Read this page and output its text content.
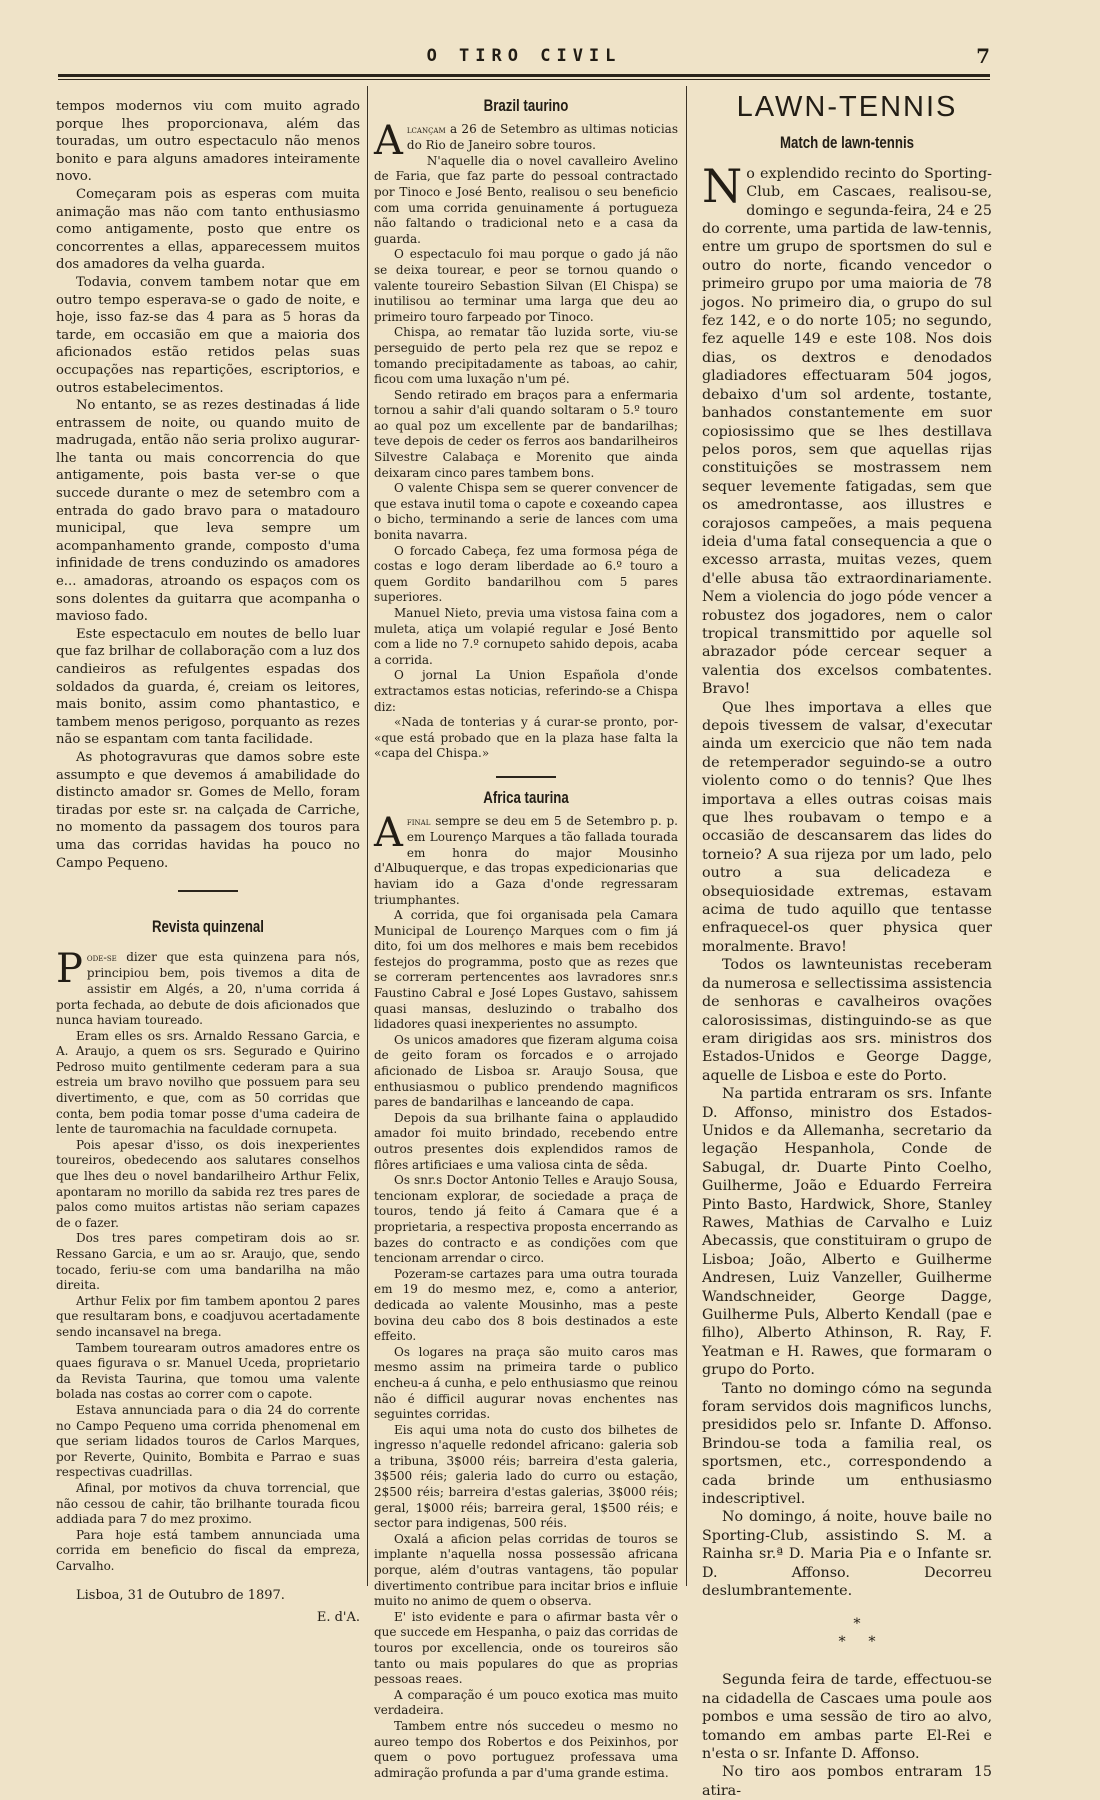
O TIRO CIVIL	7

tempos modernos viu com muito agrado porque lhes proporcionava, além das touradas, um outro espectaculo não menos bonito e para alguns amadores inteiramente novo.

Começaram pois as esperas com muita animação mas não com tanto enthusiasmo como antigamente, posto que entre os concorrentes a ellas, apparecessem muitos dos amadores da velha guarda.

Todavia, convem tambem notar que em outro tempo esperava-se o gado de noite, e hoje, isso faz-se das 4 para as 5 horas da tarde, em occasião em que a maioria dos aficionados estão retidos pelas suas occupações nas repartições, escriptorios, e outros estabelecimentos.

No entanto, se as rezes destinadas á lide entrassem de noite, ou quando muito de madrugada, então não seria prolixo augurar-lhe tanta ou mais concorrencia do que antigamente, pois basta ver-se o que succede durante o mez de setembro com a entrada do gado bravo para o matadouro municipal, que leva sempre um acompanhamento grande, composto d'uma infinidade de trens conduzindo os amadores e... amadoras, atroando os espaços com os sons dolentes da guitarra que acompanha o mavioso fado.

Este espectaculo em noutes de bello luar que faz brilhar de collaboração com a luz dos candieiros as refulgentes espadas dos soldados da guarda, é, creiam os leitores, mais bonito, assim como phantastico, e tambem menos perigoso, porquanto as rezes não se espantam com tanta facilidade.

As photogravuras que damos sobre este assumpto e que devemos á amabilidade do distincto amador sr. Gomes de Mello, foram tiradas por este sr. na calçada de Carriche, no momento da passagem dos touros para uma das corridas havidas ha pouco no Campo Pequeno.

Revista quinzenal

Pode-se dizer que esta quinzena para nós, principiou bem, pois tivemos a dita de assistir em Algés, a 20, n'uma corrida á porta fechada, ao debute de dois aficionados que nunca haviam toureado.

Eram elles os srs. Arnaldo Ressano Garcia, e A. Araujo, a quem os srs. Segurado e Quirino Pedroso muito gentilmente cederam para a sua estreia um bravo novilho que possuem para seu divertimento, e que, com as 50 corridas que conta, bem podia tomar posse d'uma cadeira de lente de tauromachia na faculdade cornupeta.

Pois apesar d'isso, os dois inexperientes toureiros, obedecendo aos salutares conselhos que lhes deu o novel bandarilheiro Arthur Felix, apontaram no morillo da sabida rez tres pares de palos como muitos artistas não seriam capazes de o fazer.

Dos tres pares competiram dois ao sr. Ressano Garcia, e um ao sr. Araujo, que, sendo tocado, feriu-se com uma bandarilha na mão direita.

Arthur Felix por fim tambem apontou 2 pares que resultaram bons, e coadjuvou acertadamente sendo incansavel na brega.

Tambem tourearam outros amadores entre os quaes figurava o sr. Manuel Uceda, proprietario da Revista Taurina, que tomou uma valente bolada nas costas ao correr com o capote.

Estava annunciada para o dia 24 do corrente no Campo Pequeno uma corrida phenomenal em que seriam lidados touros de Carlos Marques, por Reverte, Quinito, Bombita e Parrao e suas respectivas cuadrillas.

Afinal, por motivos da chuva torrencial, que não cessou de cahir, tão brilhante tourada ficou addiada para 7 do mez proximo.

Para hoje está tambem annunciada uma corrida em beneficio do fiscal da empreza, Carvalho.

Lisboa, 31 de Outubro de 1897.

E. d'A.

Brazil taurino

Alcançam a 26 de Setembro as ultimas noticias do Rio de Janeiro sobre touros.

N'aquelle dia o novel cavalleiro Avelino de Faria, que faz parte do pessoal contractado por Tinoco e José Bento, realisou o seu beneficio com uma corrida genuinamente á portugueza não faltando o tradicional neto e a casa da guarda.

O espectaculo foi mau porque o gado já não se deixa tourear, e peor se tornou quando o valente toureiro Sebastion Silvan (El Chispa) se inutilisou ao terminar uma larga que deu ao primeiro touro farpeado por Tinoco.

Chispa, ao rematar tão luzida sorte, viu-se perseguido de perto pela rez que se repoz e tomando precipitadamente as taboas, ao cahir, ficou com uma luxação n'um pé.

Sendo retirado em braços para a enfermaria tornou a sahir d'ali quando soltaram o 5.º touro ao qual poz um excellente par de bandarilhas; teve depois de ceder os ferros aos bandarilheiros Silvestre Calabaça e Morenito que ainda deixaram cinco pares tambem bons.

O valente Chispa sem se querer convencer de que estava inutil toma o capote e coxeando capea o bicho, terminando a serie de lances com uma bonita navarra.

O forcado Cabeça, fez uma formosa péga de costas e logo deram liberdade ao 6.º touro a quem Gordito bandarilhou com 5 pares superiores.

Manuel Nieto, previa uma vistosa faina com a muleta, atiça um volapié regular e José Bento com a lide no 7.º cornupeto sahido depois, acaba a corrida.

O jornal La Union Española d'onde extractamos estas noticias, referindo-se a Chispa diz:

«Nada de tonterias y á curar-se pronto, por- «que está probado que en la plaza hase falta la «capa del Chispa.»

Africa taurina

Afinal sempre se deu em 5 de Setembro p. p. em Lourenço Marques a tão fallada tourada em honra do major Mousinho d'Albuquerque, e das tropas expedicionarias que haviam ido a Gaza d'onde regressaram triumphantes.

A corrida, que foi organisada pela Camara Municipal de Lourenço Marques com o fim já dito, foi um dos melhores e mais bem recebidos festejos do programma, posto que as rezes que se correram pertencentes aos lavradores snr.s Faustino Cabral e José Lopes Gustavo, sahissem quasi mansas, desluzindo o trabalho dos lidadores quasi inexperientes no assumpto.

Os unicos amadores que fizeram alguma coisa de geito foram os forcados e o arrojado aficionado de Lisboa sr. Araujo Sousa, que enthusiasmou o publico prendendo magnificos pares de bandarilhas e lanceando de capa.

Depois da sua brilhante faina o applaudido amador foi muito brindado, recebendo entre outros presentes dois explendidos ramos de flôres artificiaes e uma valiosa cinta de sêda.

Os snr.s Doctor Antonio Telles e Araujo Sousa, tencionam explorar, de sociedade a praça de touros, tendo já feito á Camara que é a proprietaria, a respectiva proposta encerrando as bazes do contracto e as condições com que tencionam arrendar o circo.

Pozeram-se cartazes para uma outra tourada em 19 do mesmo mez, e, como a anterior, dedicada ao valente Mousinho, mas a peste bovina deu cabo dos 8 bois destinados a este effeito.

Os logares na praça são muito caros mas mesmo assim na primeira tarde o publico encheu-a á cunha, e pelo enthusiasmo que reinou não é difficil augurar novas enchentes nas seguintes corridas.

Eis aqui uma nota do custo dos bilhetes de ingresso n'aquelle redondel africano: galeria sob a tribuna, 3$000 réis; barreira d'esta galeria, 3$500 réis; galeria lado do curro ou estação, 2$500 réis; barreira d'estas galerias, 3$000 réis; geral, 1$000 réis; barreira geral, 1$500 réis; e sector para indigenas, 500 réis.

Oxalá a aficion pelas corridas de touros se implante n'aquella nossa possessão africana porque, além d'outras vantagens, tão popular divertimento contribue para incitar brios e influie muito no animo de quem o observa.

E' isto evidente e para o afirmar basta vêr o que succede em Hespanha, o paiz das corridas de touros por excellencia, onde os toureiros são tanto ou mais populares do que as proprias pessoas reaes.

A comparação é um pouco exotica mas muito verdadeira.

Tambem entre nós succedeu o mesmo no aureo tempo dos Robertos e dos Peixinhos, por quem o povo portuguez professava uma admiração profunda a par d'uma grande estima.

LAWN-TENNIS
Match de lawn-tennis

No explendido recinto do Sporting-Club, em Cascaes, realisou-se, domingo e segunda-feira, 24 e 25 do corrente, uma partida de law-tennis, entre um grupo de sportsmen do sul e outro do norte, ficando vencedor o primeiro grupo por uma maioria de 78 jogos. No primeiro dia, o grupo do sul fez 142, e o do norte 105; no segundo, fez aquelle 149 e este 108. Nos dois dias, os dextros e denodados gladiadores effectuaram 504 jogos, debaixo d'um sol ardente, tostante, banhados constantemente em suor copiosissimo que se lhes destillava pelos poros, sem que aquellas rijas constituições se mostrassem nem sequer levemente fatigadas, sem que os amedrontasse, aos illustres e corajosos campeões, a mais pequena ideia d'uma fatal consequencia a que o excesso arrasta, muitas vezes, quem d'elle abusa tão extraordinariamente. Nem a violencia do jogo póde vencer a robustez dos jogadores, nem o calor tropical transmittido por aquelle sol abrazador póde cercear sequer a valentia dos excelsos combatentes. Bravo!

Que lhes importava a elles que depois tivessem de valsar, d'executar ainda um exercicio que não tem nada de retemperador seguindo-se a outro violento como o do tennis? Que lhes importava a elles outras coisas mais que lhes roubavam o tempo e a occasião de descansarem das lides do torneio? A sua rijeza por um lado, pelo outro a sua delicadeza e obsequiosidade extremas, estavam acima de tudo aquillo que tentasse enfraquecel-os quer physica quer moralmente. Bravo!

Todos os lawnteunistas receberam da numerosa e sellectissima assistencia de senhoras e cavalheiros ovações calorosissimas, distinguindo-se as que eram dirigidas aos srs. ministros dos Estados-Unidos e George Dagge, aquelle de Lisboa e este do Porto.

Na partida entraram os srs. Infante D. Affonso, ministro dos Estados-Unidos e da Allemanha, secretario da legação Hespanhola, Conde de Sabugal, dr. Duarte Pinto Coelho, Guilherme, João e Eduardo Ferreira Pinto Basto, Hardwick, Shore, Stanley Rawes, Mathias de Carvalho e Luiz Abecassis, que constituiram o grupo de Lisboa; João, Alberto e Guilherme Andresen, Luiz Vanzeller, Guilherme Wandschneider, George Dagge, Guilherme Puls, Alberto Kendall (pae e filho), Alberto Athinson, R. Ray, F. Yeatman e H. Rawes, que formaram o grupo do Porto.

Tanto no domingo cómo na segunda foram servidos dois magnificos lunchs, presididos pelo sr. Infante D. Affonso. Brindou-se toda a familia real, os sportsmen, etc., correspondendo a cada brinde um enthusiasmo indescriptivel.

No domingo, á noite, houve baile no Sporting-Club, assistindo S. M. a Rainha sr.ª D. Maria Pia e o Infante sr. D. Affonso. Decorreu deslumbrantemente.

*

*     *

Segunda feira de tarde, effectuou-se na cidadella de Cascaes uma poule aos pombos e uma sessão de tiro ao alvo, tomando em ambas parte El-Rei e n'esta o sr. Infante D. Affonso.

No tiro aos pombos entraram 15 atira-
